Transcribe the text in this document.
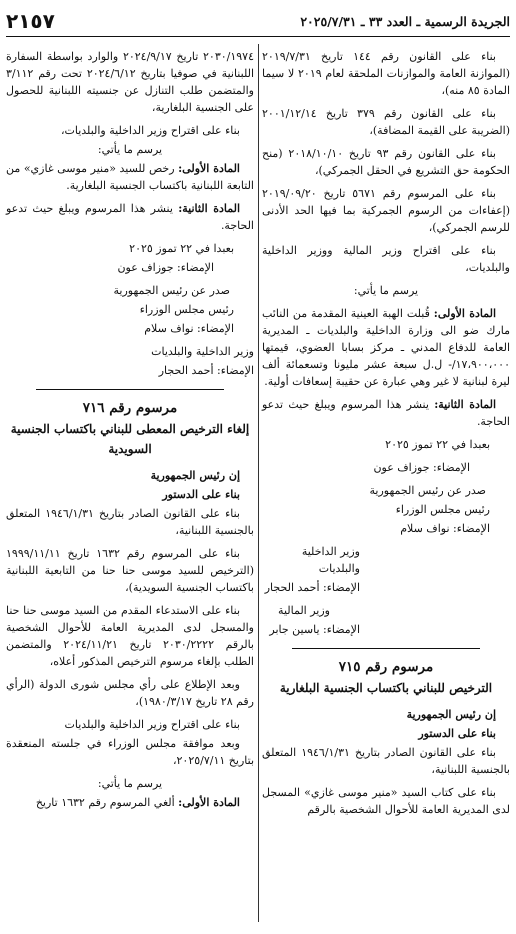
الجريدة الرسمية ـ العدد ٣٣ ـ ٢٠٢٥/٧/٣١
٢١٥٧

بناء على القانون رقم ١٤٤ تاريخ ٢٠١٩/٧/٣١ (الموازنة العامة والموازنات الملحقة لعام ٢٠١٩ لا سيما المادة ٨٥ منه)،

بناء على القانون رقم ٣٧٩ تاريخ ٢٠٠١/١٢/١٤ (الضريبة على القيمة المضافة)،

بناء على القانون رقم ٩٣ تاريخ ٢٠١٨/١٠/١٠ (منح الحكومة حق التشريع في الحقل الجمركي)،

بناء على المرسوم رقم ٥٦٧١ تاريخ ٢٠١٩/٠٩/٢٠ (إعفاءات من الرسوم الجمركية بما فيها الحد الأدنى للرسم الجمركي)،

بناء على اقتراح وزير المالية ووزير الداخلية والبلديات،

يرسم ما يأتي:

المادة الأولى: قُبلت الهبة العينية المقدمة من النائب مارك ضو الى وزارة الداخلية والبلديات ـ المديرية العامة للدفاع المدني ـ مركز بسابا العضوي، قيمتها ١٧،٩٠٠،٠٠٠/- ل.ل سبعة عشر مليونا وتسعمائة ألف ليرة لبنانية لا غير وهي عبارة عن حقيبة إسعافات أولية.

المادة الثانية: ينشر هذا المرسوم ويبلغ حيث تدعو الحاجة.

بعبدا في ٢٢ تموز ٢٠٢٥

الإمضاء: جوزاف عون

صدر عن رئيس الجمهورية

رئيس مجلس الوزراء

الإمضاء: نواف سلام

وزير الداخلية والبلديات

الإمضاء: أحمد الحجار

وزير المالية

الإمضاء: ياسين جابر

مرسوم رقم ٧١٥

الترخيص للبناني باكتساب الجنسية البلغارية

إن رئيس الجمهورية

بناء على الدستور

بناء على القانون الصادر بتاريخ ١٩٤٦/١/٣١ المتعلق بالجنسية اللبنانية،

بناء على كتاب السيد «منير موسى غازي» المسجل لدى المديرية العامة للأحوال الشخصية بالرقم

٢٠٣٠/١٩٧٤ تاريخ ٢٠٢٤/٩/١٧ والوارد بواسطة السفارة اللبنانية في صوفيا بتاريخ ٢٠٢٤/٦/١٢ تحت رقم ٣/١١٢ والمتضمن طلب التنازل عن جنسيته اللبنانية للحصول على الجنسية البلغارية،

بناء على اقتراح وزير الداخلية والبلديات،

يرسم ما يأتي:

المادة الأولى: رخص للسيد «منير موسى غازي» من التابعة اللبنانية باكتساب الجنسية البلغارية.

المادة الثانية: ينشر هذا المرسوم ويبلغ حيث تدعو الحاجة.

بعبدا في ٢٢ تموز ٢٠٢٥

الإمضاء: جوزاف عون

صدر عن رئيس الجمهورية

رئيس مجلس الوزراء

الإمضاء: نواف سلام

وزير الداخلية والبلديات

الإمضاء: أحمد الحجار

مرسوم رقم ٧١٦

إلغاء الترخيص المعطى للبناني باكتساب الجنسية السويدية

إن رئيس الجمهورية

بناء على الدستور

بناء على القانون الصادر بتاريخ ١٩٤٦/١/٣١ المتعلق بالجنسية اللبنانية،

بناء على المرسوم رقم ١٦٣٢ تاريخ ١٩٩٩/١١/١١ (الترخيص للسيد موسى حنا حنا من التابعية اللبنانية باكتساب الجنسية السويدية)،

بناء على الاستدعاء المقدم من السيد موسى حنا حنا والمسجل لدى المديرية العامة للأحوال الشخصية بالرقم ٢٠٣٠/٢٢٢٢ تاريخ ٢٠٢٤/١١/٢١ والمتضمن الطلب بإلغاء مرسوم الترخيص المذكور أعلاه،

وبعد الإطلاع على رأي مجلس شورى الدولة (الرأي رقم ٢٨ تاريخ ١٩٨٠/٣/١٧)،

بناء على اقتراح وزير الداخلية والبلديات

وبعد موافقة مجلس الوزراء في جلسته المنعقدة بتاريخ ٢٠٢٥/٧/١١،

يرسم ما يأتي:

المادة الأولى: ألغي المرسوم رقم ١٦٣٢ تاريخ
